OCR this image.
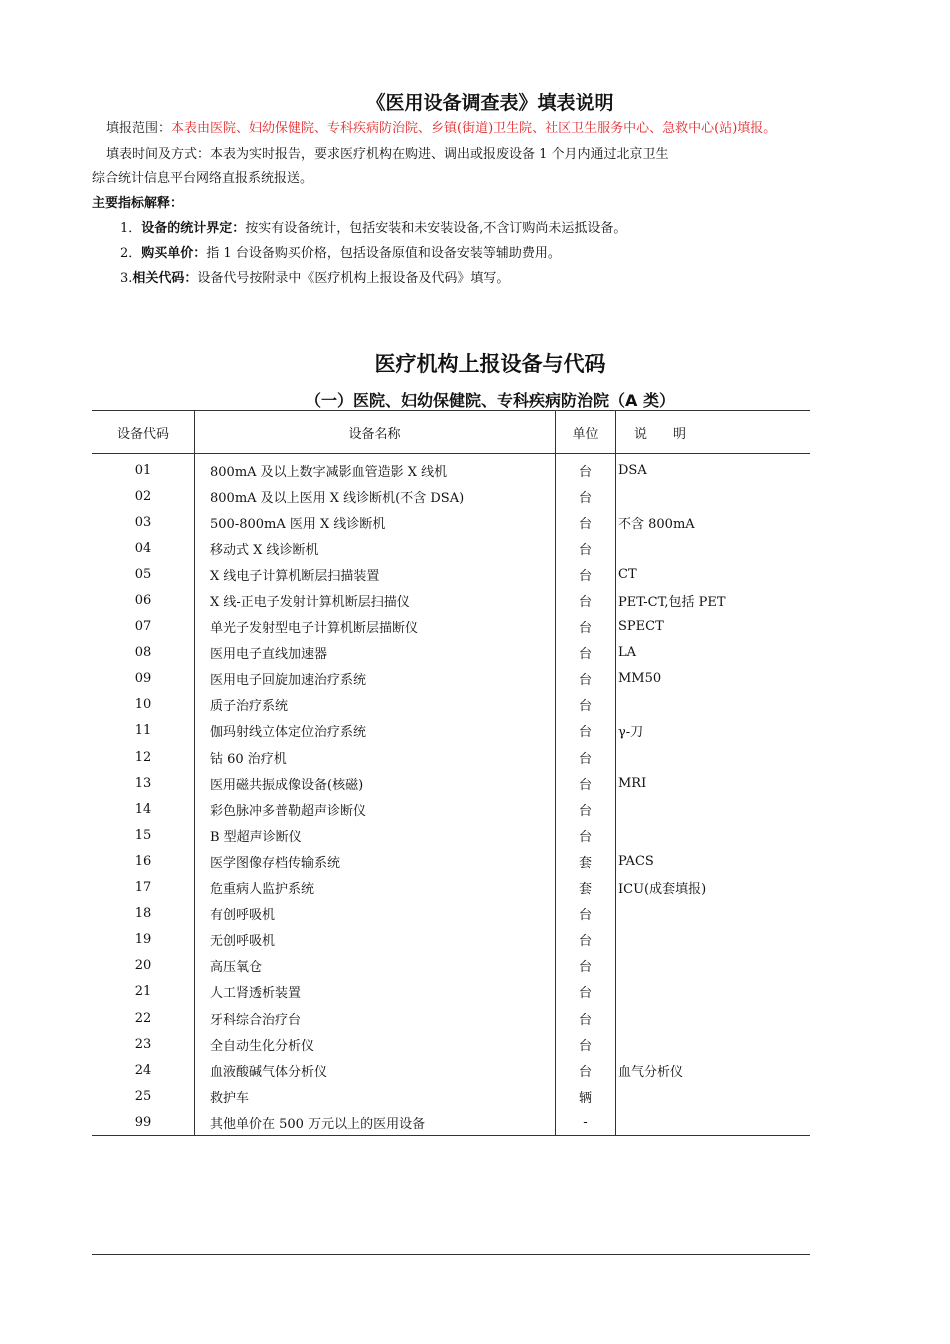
《医用设备调查表》填表说明
填报范围：本表由医院、妇幼保健院、专科疾病防治院、乡镇(街道)卫生院、社区卫生服务中心、急救中心(站)填报。
填表时间及方式：本表为实时报告，要求医疗机构在购进、调出或报废设备 1 个月内通过北京卫生
综合统计信息平台网络直报系统报送。
主要指标解释：
1．设备的统计界定：按实有设备统计，包括安装和未安装设备,不含订购尚未运抵设备。
2．购买单价：指 1 台设备购买价格，包括设备原值和设备安装等辅助费用。
3.相关代码：设备代号按附录中《医疗机构上报设备及代码》填写。
医疗机构上报设备与代码
（一）医院、妇幼保健院、专科疾病防治院（A 类）
设备代码	设备名称	单位	说　　明
01	800mA 及以上数字减影血管造影 X 线机	台	DSA
02	800mA 及以上医用 X 线诊断机(不含 DSA)	台	
03	500-800mA 医用 X 线诊断机	台	不含 800mA
04	移动式 X 线诊断机	台	
05	X 线电子计算机断层扫描装置	台	CT
06	X 线-正电子发射计算机断层扫描仪	台	PET-CT,包括 PET
07	单光子发射型电子计算机断层描断仪	台	SPECT
08	医用电子直线加速器	台	LA
09	医用电子回旋加速治疗系统	台	MM50
10	质子治疗系统	台	
11	伽玛射线立体定位治疗系统	台	γ-刀
12	钴 60 治疗机	台	
13	医用磁共振成像设备(核磁)	台	MRI
14	彩色脉冲多普勒超声诊断仪	台	
15	B 型超声诊断仪	台	
16	医学图像存档传输系统	套	PACS
17	危重病人监护系统	套	ICU(成套填报)
18	有创呼吸机	台	
19	无创呼吸机	台	
20	高压氧仓	台	
21	人工肾透析装置	台	
22	牙科综合治疗台	台	
23	全自动生化分析仪	台	
24	血液酸碱气体分析仪	台	血气分析仪
25	救护车	辆	
99	其他单价在 500 万元以上的医用设备	-	
